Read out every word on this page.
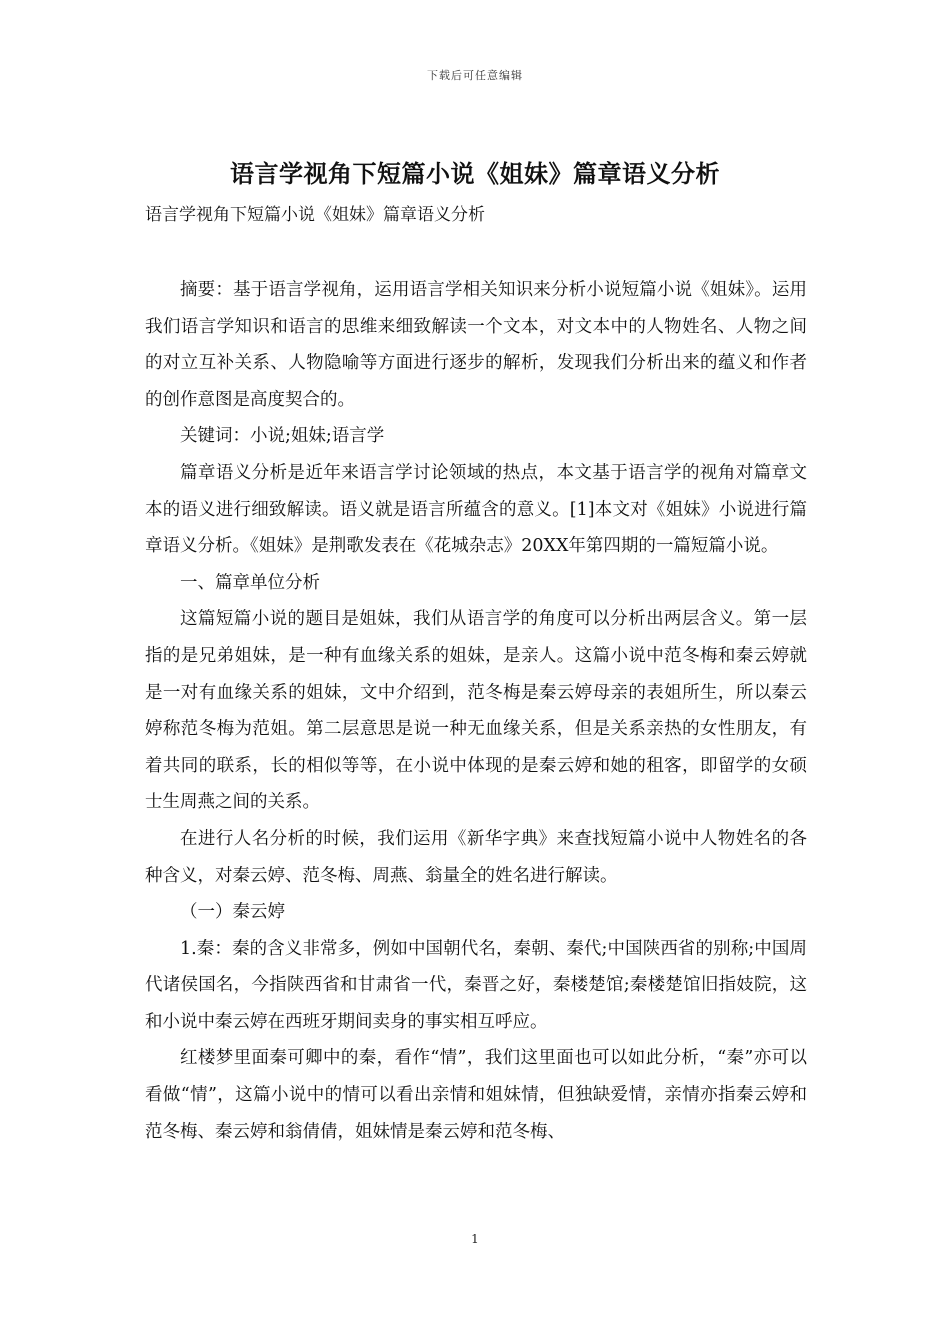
下载后可任意编辑
语言学视角下短篇小说《姐妹》篇章语义分析

语言学视角下短篇小说《姐妹》篇章语义分析

摘要：基于语言学视角，运用语言学相关知识来分析小说短篇小说《姐妹》。运用我们语言学知识和语言的思维来细致解读一个文本，对文本中的人物姓名、人物之间的对立互补关系、人物隐喻等方面进行逐步的解析，发现我们分析出来的蕴义和作者的创作意图是高度契合的。

关键词：小说;姐妹;语言学

篇章语义分析是近年来语言学讨论领域的热点，本文基于语言学的视角对篇章文本的语义进行细致解读。语义就是语言所蕴含的意义。[1]本文对《姐妹》小说进行篇章语义分析。《姐妹》是荆歌发表在《花城杂志》20XX年第四期的一篇短篇小说。

一、篇章单位分析

这篇短篇小说的题目是姐妹，我们从语言学的角度可以分析出两层含义。第一层指的是兄弟姐妹，是一种有血缘关系的姐妹，是亲人。这篇小说中范冬梅和秦云婷就是一对有血缘关系的姐妹，文中介绍到，范冬梅是秦云婷母亲的表姐所生，所以秦云婷称范冬梅为范姐。第二层意思是说一种无血缘关系，但是关系亲热的女性朋友，有着共同的联系，长的相似等等，在小说中体现的是秦云婷和她的租客，即留学的女硕士生周燕之间的关系。

在进行人名分析的时候，我们运用《新华字典》来查找短篇小说中人物姓名的各种含义，对秦云婷、范冬梅、周燕、翁量全的姓名进行解读。

（一）秦云婷

1.秦：秦的含义非常多，例如中国朝代名，秦朝、秦代;中国陕西省的别称;中国周代诸侯国名，今指陕西省和甘肃省一代，秦晋之好，秦楼楚馆;秦楼楚馆旧指妓院，这和小说中秦云婷在西班牙期间卖身的事实相互呼应。

红楼梦里面秦可卿中的秦，看作“情”，我们这里面也可以如此分析，“秦”亦可以看做“情”，这篇小说中的情可以看出亲情和姐妹情，但独缺爱情，亲情亦指秦云婷和范冬梅、秦云婷和翁倩倩，姐妹情是秦云婷和范冬梅、

1
